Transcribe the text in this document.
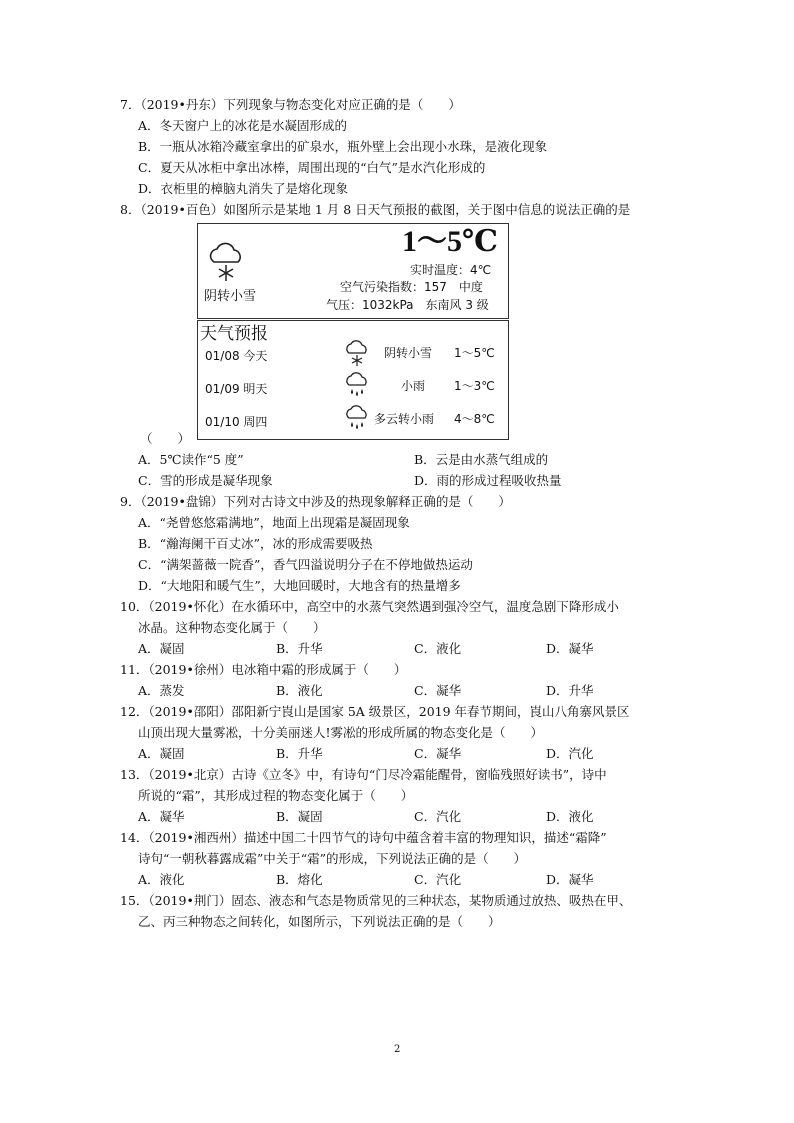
7．（2019•丹东）下列现象与物态变化对应正确的是（　　）
A．冬天窗户上的冰花是水凝固形成的
B．一瓶从冰箱冷藏室拿出的矿泉水，瓶外壁上会出现小水珠，是液化现象
C．夏天从冰柜中拿出冰棒，周围出现的“白气”是水汽化形成的
D．衣柜里的樟脑丸消失了是熔化现象
8．（2019•百色）如图所示是某地 1 月 8 日天气预报的截图，关于图中信息的说法正确的是
阴转小雪
1～5℃
实时温度：4℃
空气污染指数：157　中度
气压：1032kPa　东南风 3 级
天气预报
01/08 今天	阴转小雪 1～5℃
01/09 明天	小雨 1～3℃
01/10 周四	多云转小雨 4～8℃
（　　）
A．5℃读作“5 度”	B．云是由水蒸气组成的
C．雪的形成是凝华现象	D．雨的形成过程吸收热量
9．（2019•盘锦）下列对古诗文中涉及的热现象解释正确的是（　　）
A．“尧曾悠悠霜满地”，地面上出现霜是凝固现象
B．“瀚海阑干百丈冰”，冰的形成需要吸热
C．“满架蔷薇一院香”，香气四溢说明分子在不停地做热运动
D．“大地阳和暖气生”，大地回暖时，大地含有的热量增多
10．（2019•怀化）在水循环中，高空中的水蒸气突然遇到强冷空气，温度急剧下降形成小
冰晶。这种物态变化属于（　　）
A．凝固	B．升华	C．液化	D．凝华
11．（2019•徐州）电冰箱中霜的形成属于（　　）
A．蒸发	B．液化	C．凝华	D．升华
12．（2019•邵阳）邵阳新宁崀山是国家 5A 级景区，2019 年春节期间，崀山八角寨风景区
山顶出现大量雾凇，十分美丽迷人!雾凇的形成所属的物态变化是（　　）
A．凝固	B．升华	C．凝华	D．汽化
13．（2019•北京）古诗《立冬》中，有诗句“门尽冷霜能醒骨，窗临残照好读书”，诗中
所说的“霜”，其形成过程的物态变化属于（　　）
A．凝华	B．凝固	C．汽化	D．液化
14．（2019•湘西州）描述中国二十四节气的诗句中蕴含着丰富的物理知识，描述“霜降”
诗句“一朝秋暮露成霜”中关于“霜”的形成，下列说法正确的是（　　）
A．液化	B．熔化	C．汽化	D．凝华
15．（2019•荆门）固态、液态和气态是物质常见的三种状态，某物质通过放热、吸热在甲、
乙、丙三种物态之间转化，如图所示，下列说法正确的是（　　）
2
